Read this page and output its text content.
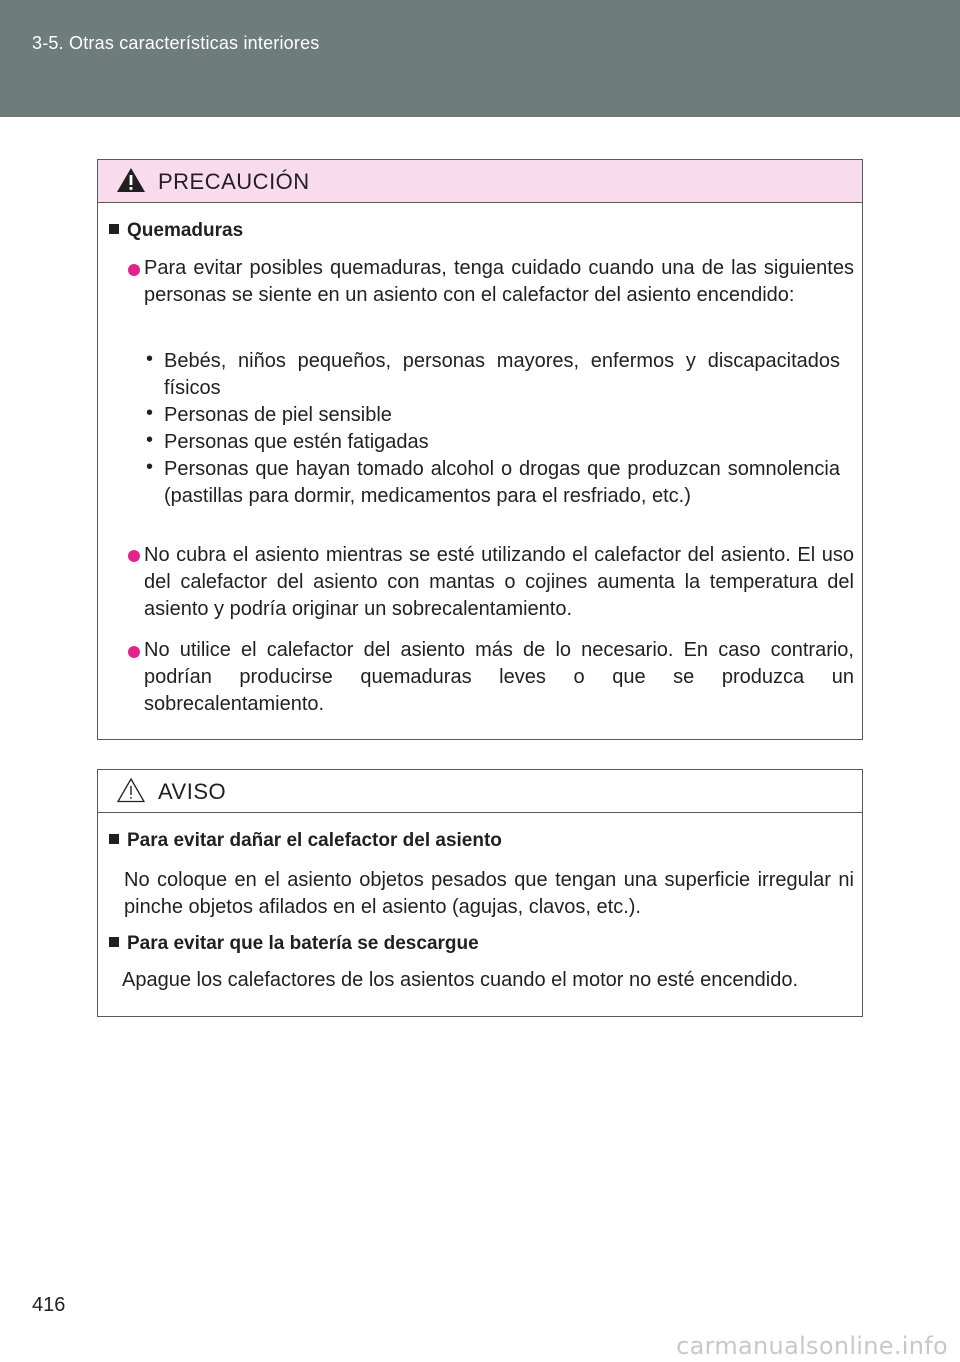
3-5. Otras características interiores
PRECAUCIÓN
Quemaduras
Para evitar posibles quemaduras, tenga cuidado cuando una de las siguientes personas se siente en un asiento con el calefactor del asiento encendido:
• Bebés, niños pequeños, personas mayores, enfermos y discapacitados físicos
• Personas de piel sensible
• Personas que estén fatigadas
• Personas que hayan tomado alcohol o drogas que produzcan somnolencia (pastillas para dormir, medicamentos para el resfriado, etc.)
No cubra el asiento mientras se esté utilizando el calefactor del asiento. El uso del calefactor del asiento con mantas o cojines aumenta la temperatura del asiento y podría originar un sobrecalentamiento.
No utilice el calefactor del asiento más de lo necesario. En caso contrario, podrían producirse quemaduras leves o que se produzca un sobrecalentamiento.
AVISO
Para evitar dañar el calefactor del asiento
No coloque en el asiento objetos pesados que tengan una superficie irregular ni pinche objetos afilados en el asiento (agujas, clavos, etc.).
Para evitar que la batería se descargue
Apague los calefactores de los asientos cuando el motor no esté encendido.
416
carmanualsonline.info
